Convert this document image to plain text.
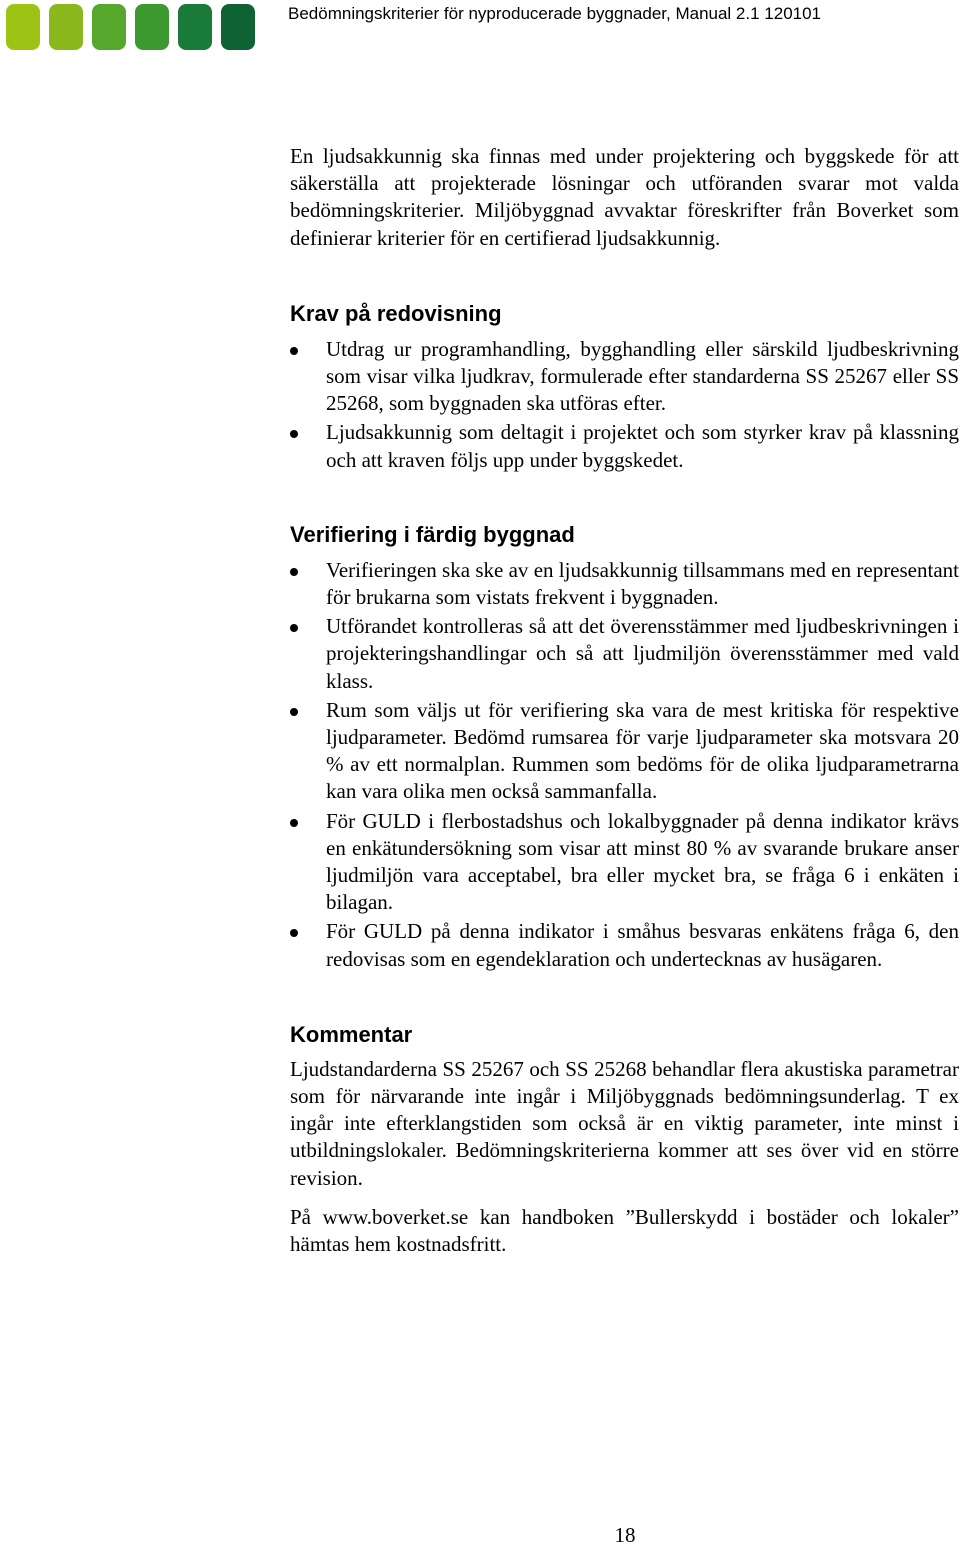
Bedömningskriterier för nyproducerade byggnader, Manual 2.1 120101

En ljudsakkunnig ska finnas med under projektering och byggskede för att säkerställa att projekterade lösningar och utföranden svarar mot valda bedömningskriterier. Miljöbyggnad avvaktar föreskrifter från Boverket som definierar kriterier för en certifierad ljudsakkunnig.

Krav på redovisning
Utdrag ur programhandling, bygghandling eller särskild ljudbeskrivning som visar vilka ljudkrav, formulerade efter standarderna SS 25267 eller SS 25268, som byggnaden ska utföras efter.
Ljudsakkunnig som deltagit i projektet och som styrker krav på klassning och att kraven följs upp under byggskedet.
Verifiering i färdig byggnad
Verifieringen ska ske av en ljudsakkunnig tillsammans med en representant för brukarna som vistats frekvent i byggnaden.
Utförandet kontrolleras så att det överensstämmer med ljudbeskrivningen i projekteringshandlingar och så att ljudmiljön överensstämmer med vald klass.
Rum som väljs ut för verifiering ska vara de mest kritiska för respektive ljudparameter. Bedömd rumsarea för varje ljudparameter ska motsvara 20 % av ett normalplan. Rummen som bedöms för de olika ljudparametrarna kan vara olika men också sammanfalla.
För GULD i flerbostadshus och lokalbyggnader på denna indikator krävs en enkätundersökning som visar att minst 80 % av svarande brukare anser ljudmiljön vara acceptabel, bra eller mycket bra, se fråga 6 i enkäten i bilagan.
För GULD på denna indikator i småhus besvaras enkätens fråga 6, den redovisas som en egendeklaration och undertecknas av husägaren.
Kommentar

Ljudstandarderna SS 25267 och SS 25268 behandlar flera akustiska parametrar som för närvarande inte ingår i Miljöbyggnads bedömningsunderlag. T ex ingår inte efterklangstiden som också är en viktig parameter, inte minst i utbildningslokaler. Bedömningskriterierna kommer att ses över vid en större revision.

På www.boverket.se kan handboken ”Bullerskydd i bostäder och lokaler” hämtas hem kostnadsfritt.

18
